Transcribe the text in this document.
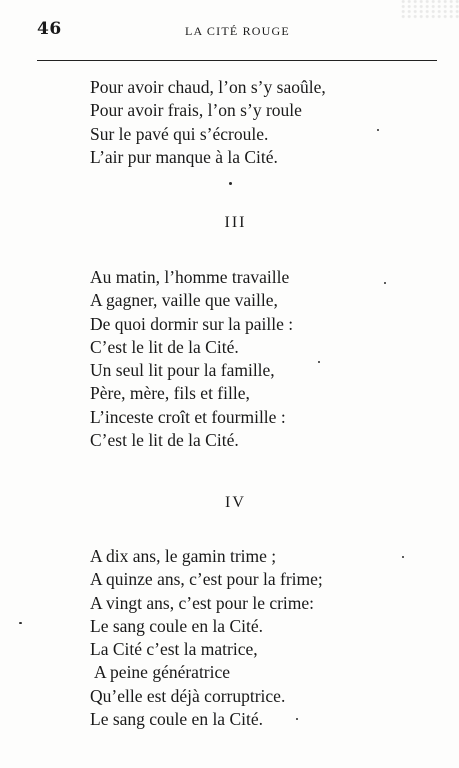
46	LA CITÉ ROUGE
Pour avoir chaud, l’on s’y saoûle,
Pour avoir frais, l’on s’y roule
Sur le pavé qui s’écroule.
L’air pur manque à la Cité.
III
Au matin, l’homme travaille
A gagner, vaille que vaille,
De quoi dormir sur la paille :
C’est le lit de la Cité.
Un seul lit pour la famille,
Père, mère, fils et fille,
L’inceste croît et fourmille :
C’est le lit de la Cité.
IV
A dix ans, le gamin trime ;
A quinze ans, c’est pour la frime;
A vingt ans, c’est pour le crime:
Le sang coule en la Cité.
La Cité c’est la matrice,
A peine génératrice
Qu’elle est déjà corruptrice.
Le sang coule en la Cité.
